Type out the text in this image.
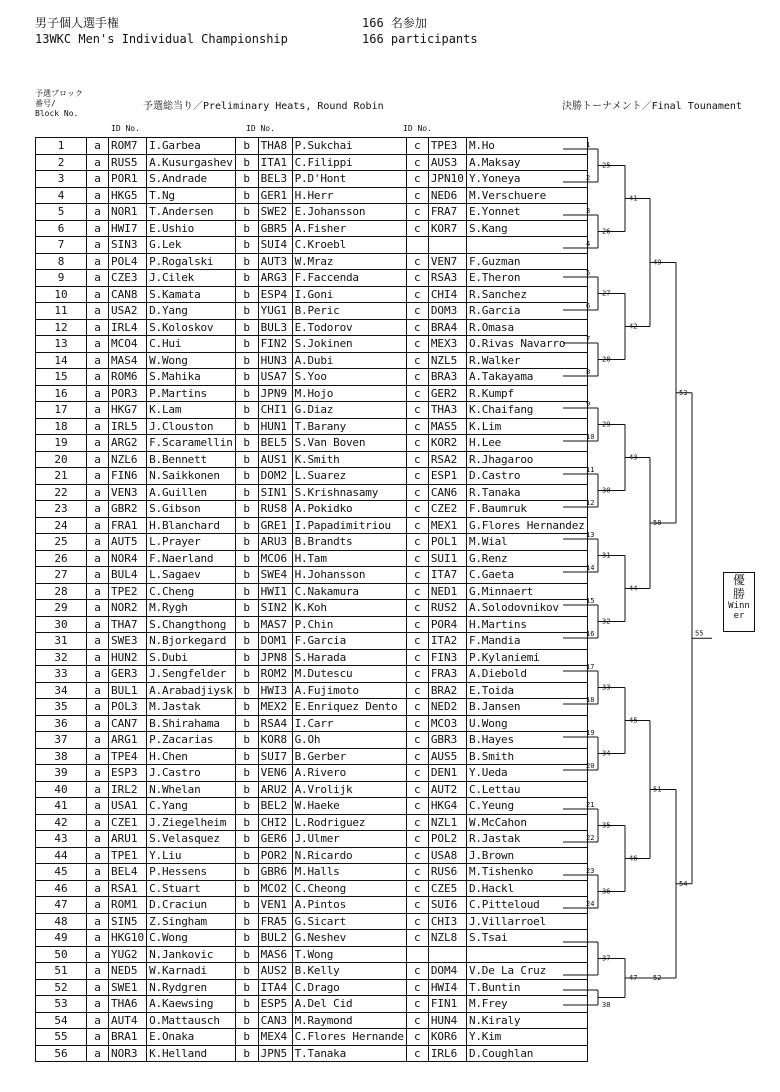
男子個人選手権
13WKC Men's Individual Championship
166 名参加
166 participants
予選ブロック
番号/
Block No.
予選総当り／Preliminary Heats, Round Robin	決勝トーナメント／Final Tounament
ID No.	ID No.	ID No.
1	a	ROM7	I.Garbea	b	THA8	P.Sukchai	c	TPE3	M.Ho
2	a	RUS5	A.Kusurgashev	b	ITA1	C.Filippi	c	AUS3	A.Maksay
3	a	POR1	S.Andrade	b	BEL3	P.D'Hont	c	JPN10	Y.Yoneya
4	a	HKG5	T.Ng	b	GER1	H.Herr	c	NED6	M.Verschuere
5	a	NOR1	T.Andersen	b	SWE2	E.Johansson	c	FRA7	E.Yonnet
6	a	HWI7	E.Ushio	b	GBR5	A.Fisher	c	KOR7	S.Kang
7	a	SIN3	G.Lek	b	SUI4	C.Kroebl			
8	a	POL4	P.Rogalski	b	AUT3	W.Mraz	c	VEN7	F.Guzman
9	a	CZE3	J.Cilek	b	ARG3	F.Faccenda	c	RSA3	E.Theron
10	a	CAN8	S.Kamata	b	ESP4	I.Goni	c	CHI4	R.Sanchez
11	a	USA2	D.Yang	b	YUG1	B.Peric	c	DOM3	R.Garcia
12	a	IRL4	S.Koloskov	b	BUL3	E.Todorov	c	BRA4	R.Omasa
13	a	MCO4	C.Hui	b	FIN2	S.Jokinen	c	MEX3	O.Rivas Navarro
14	a	MAS4	W.Wong	b	HUN3	A.Dubi	c	NZL5	R.Walker
15	a	ROM6	S.Mahika	b	USA7	S.Yoo	c	BRA3	A.Takayama
16	a	POR3	P.Martins	b	JPN9	M.Hojo	c	GER2	R.Kumpf
17	a	HKG7	K.Lam	b	CHI1	G.Diaz	c	THA3	K.Chaifang
18	a	IRL5	J.Clouston	b	HUN1	T.Barany	c	MAS5	K.Lim
19	a	ARG2	F.Scaramellin	b	BEL5	S.Van Boven	c	KOR2	H.Lee
20	a	NZL6	B.Bennett	b	AUS1	K.Smith	c	RSA2	R.Jhagaroo
21	a	FIN6	N.Saikkonen	b	DOM2	L.Suarez	c	ESP1	D.Castro
22	a	VEN3	A.Guillen	b	SIN1	S.Krishnasamy	c	CAN6	R.Tanaka
23	a	GBR2	S.Gibson	b	RUS8	A.Pokidko	c	CZE2	F.Baumruk
24	a	FRA1	H.Blanchard	b	GRE1	I.Papadimitriou	c	MEX1	G.Flores Hernandez
25	a	AUT5	L.Prayer	b	ARU3	B.Brandts	c	POL1	M.Wial
26	a	NOR4	F.Naerland	b	MCO6	H.Tam	c	SUI1	G.Renz
27	a	BUL4	L.Sagaev	b	SWE4	H.Johansson	c	ITA7	C.Gaeta
28	a	TPE2	C.Cheng	b	HWI1	C.Nakamura	c	NED1	G.Minnaert
29	a	NOR2	M.Rygh	b	SIN2	K.Koh	c	RUS2	A.Solodovnikov
30	a	THA7	S.Changthong	b	MAS7	P.Chin	c	POR4	H.Martins
31	a	SWE3	N.Bjorkegard	b	DOM1	F.Garcia	c	ITA2	F.Mandia
32	a	HUN2	S.Dubi	b	JPN8	S.Harada	c	FIN3	P.Kylaniemi
33	a	GER3	J.Sengfelder	b	ROM2	M.Dutescu	c	FRA3	A.Diebold
34	a	BUL1	A.Arabadjiysk	b	HWI3	A.Fujimoto	c	BRA2	E.Toida
35	a	POL3	M.Jastak	b	MEX2	E.Enriquez Dento	c	NED2	B.Jansen
36	a	CAN7	B.Shirahama	b	RSA4	I.Carr	c	MCO3	U.Wong
37	a	ARG1	P.Zacarias	b	KOR8	G.Oh	c	GBR3	B.Hayes
38	a	TPE4	H.Chen	b	SUI7	B.Gerber	c	AUS5	B.Smith
39	a	ESP3	J.Castro	b	VEN6	A.Rivero	c	DEN1	Y.Ueda
40	a	IRL2	N.Whelan	b	ARU2	A.Vrolijk	c	AUT2	C.Lettau
41	a	USA1	C.Yang	b	BEL2	W.Haeke	c	HKG4	C.Yeung
42	a	CZE1	J.Ziegelheim	b	CHI2	L.Rodriguez	c	NZL1	W.McCahon
43	a	ARU1	S.Velasquez	b	GER6	J.Ulmer	c	POL2	R.Jastak
44	a	TPE1	Y.Liu	b	POR2	N.Ricardo	c	USA8	J.Brown
45	a	BEL4	P.Hessens	b	GBR6	M.Halls	c	RUS6	M.Tishenko
46	a	RSA1	C.Stuart	b	MCO2	C.Cheong	c	CZE5	D.Hackl
47	a	ROM1	D.Craciun	b	VEN1	A.Pintos	c	SUI6	C.Pitteloud
48	a	SIN5	Z.Singham	b	FRA5	G.Sicart	c	CHI3	J.Villarroel
49	a	HKG10	C.Wong	b	BUL2	G.Neshev	c	NZL8	S.Tsai
50	a	YUG2	N.Jankovic	b	MAS6	T.Wong			
51	a	NED5	W.Karnadi	b	AUS2	B.Kelly	c	DOM4	V.De La Cruz
52	a	SWE1	N.Rydgren	b	ITA4	C.Drago	c	HWI4	T.Buntin
53	a	THA6	A.Kaewsing	b	ESP5	A.Del Cid	c	FIN1	M.Frey
54	a	AUT4	O.Mattausch	b	CAN3	M.Raymond	c	HUN4	N.Kiraly
55	a	BRA1	E.Onaka	b	MEX4	C.Flores Hernande	c	KOR6	Y.Kim
56	a	NOR3	K.Helland	b	JPN5	T.Tanaka	c	IRL6	D.Coughlan
1
2
25
3
4
26
41
5
6
27
7
8
28
42
9
10
29
11
12
30
43
13
14
31
15
16
32
44
17
18
33
19
20
34
45
21
22
35
23
24
36
46
37
38
47
49
50
51
52
53
54
55
優
勝
Winn
er
